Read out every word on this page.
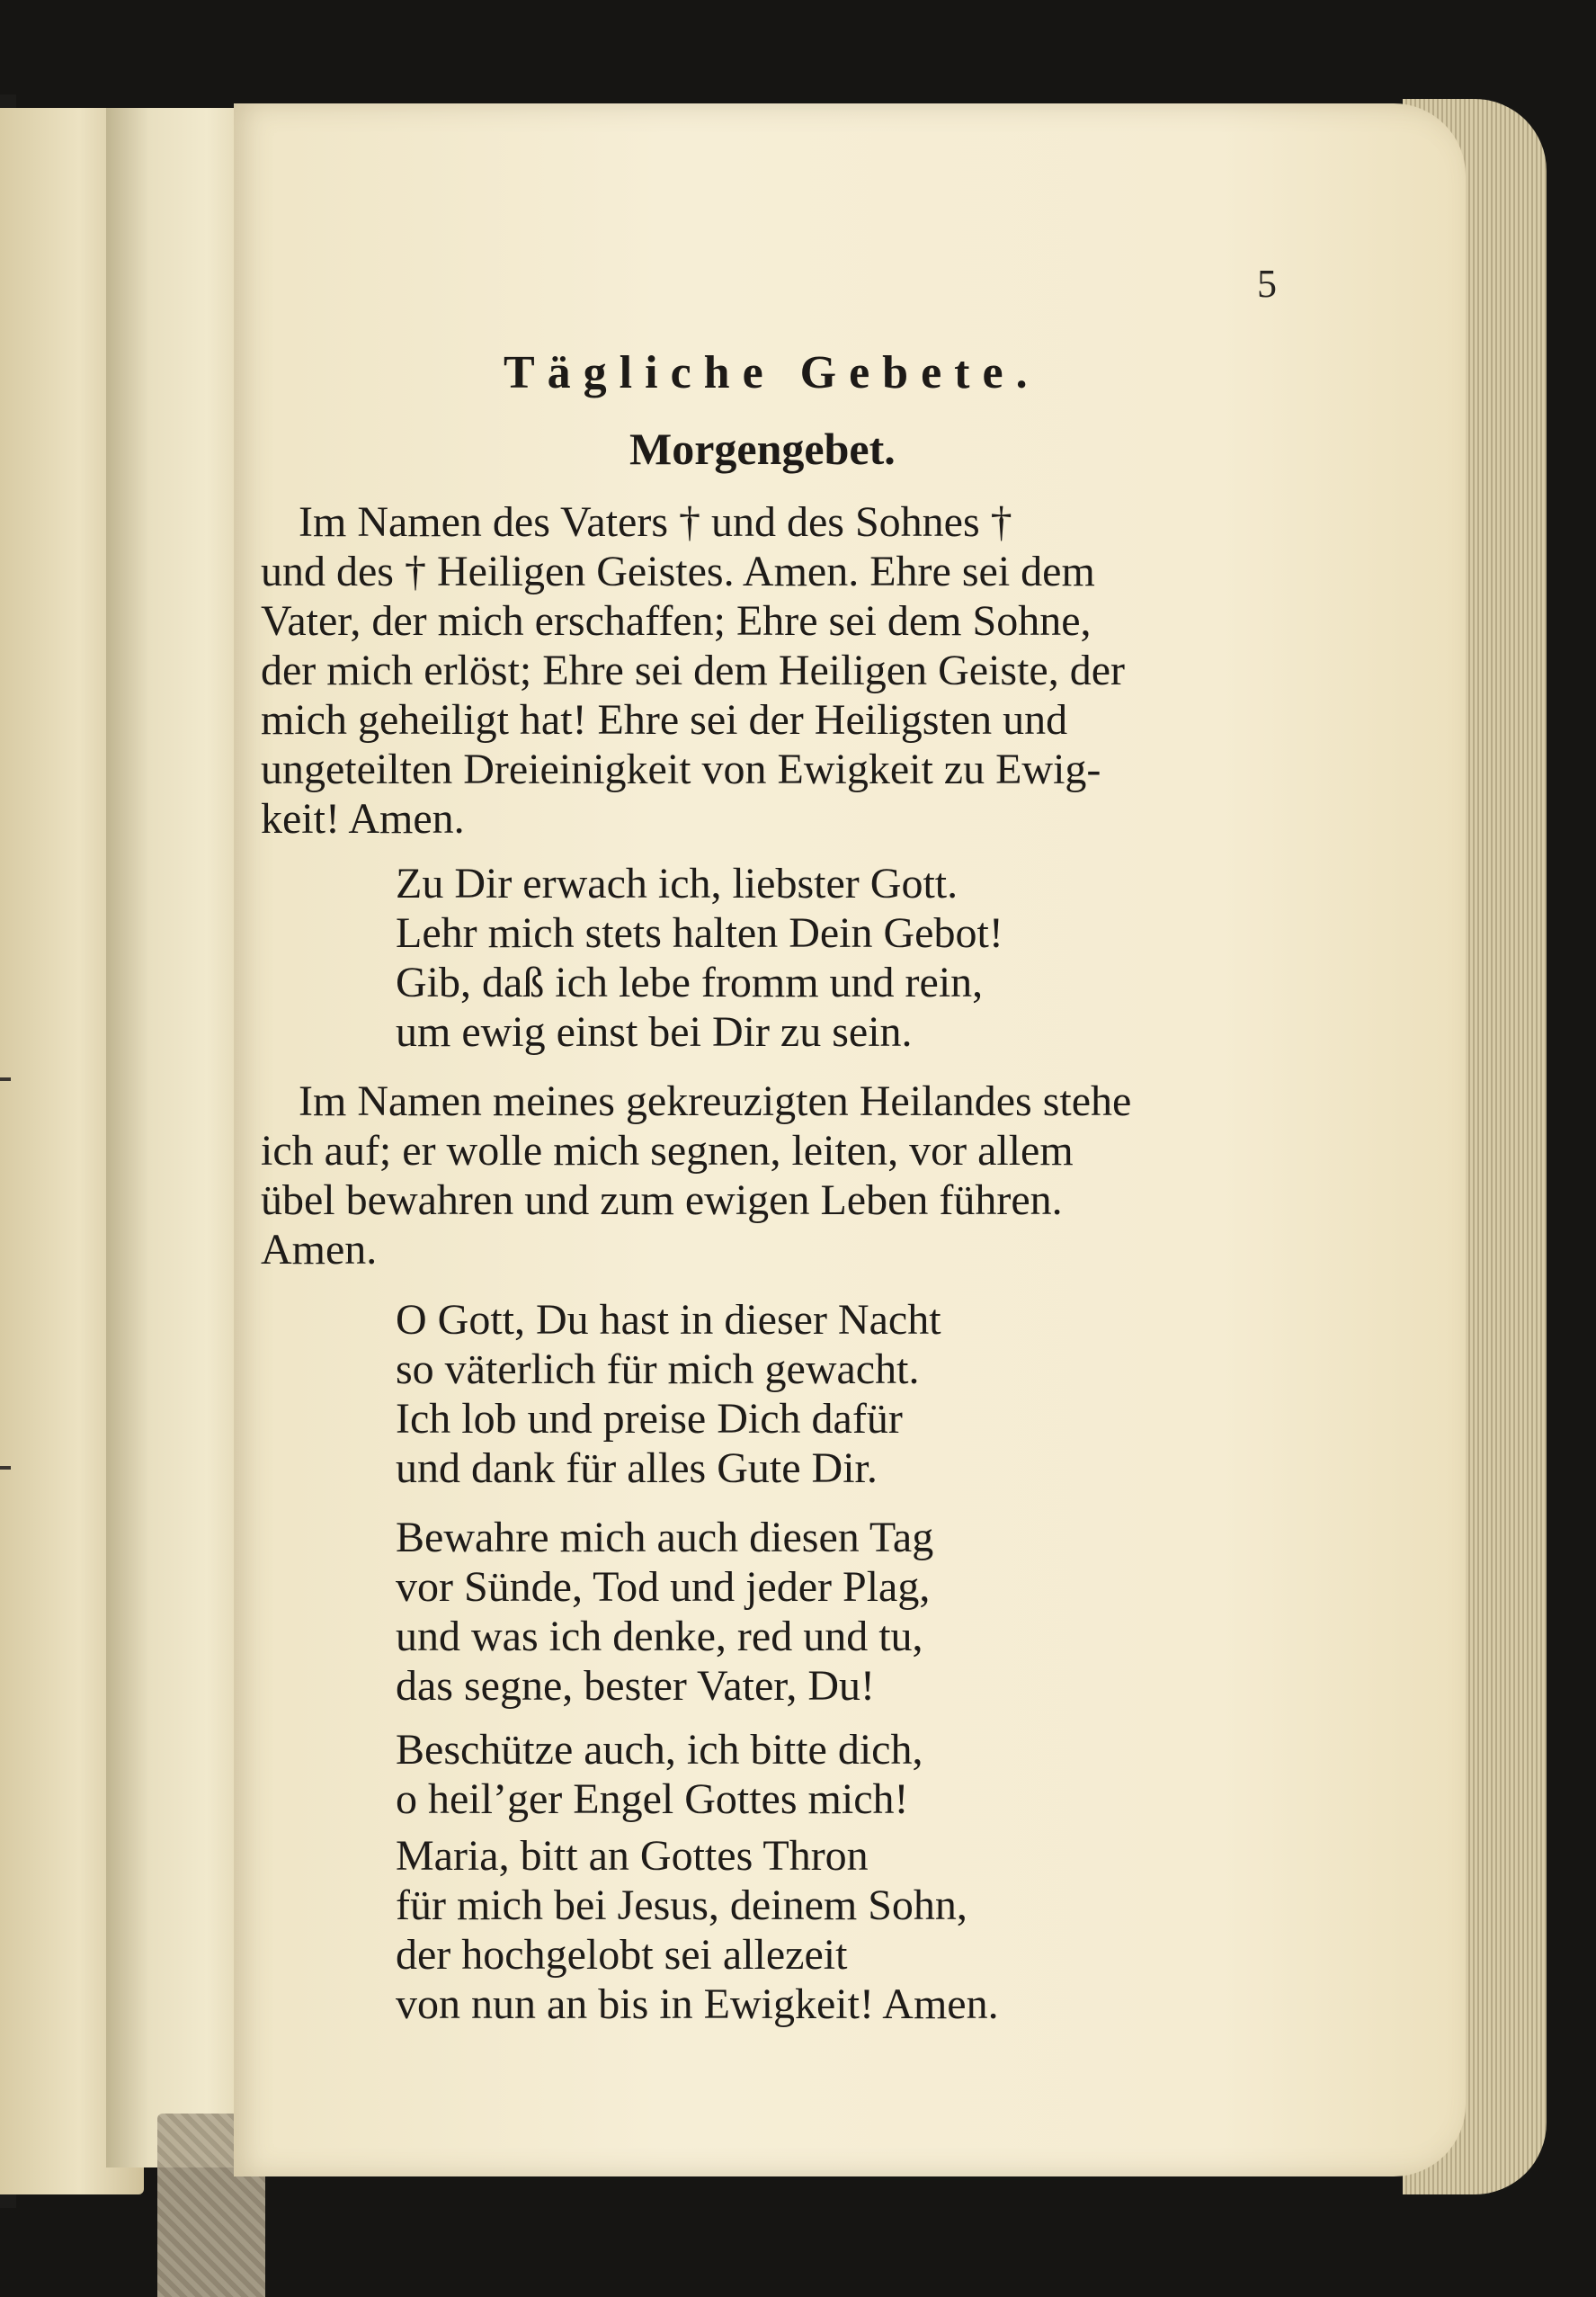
5
Tägliche Gebete.
Morgengebet.
Im Namen des Vaters † und des Sohnes †
und des † Heiligen Geistes. Amen. Ehre sei dem
Vater, der mich erschaffen; Ehre sei dem Sohne,
der mich erlöst; Ehre sei dem Heiligen Geiste, der
mich geheiligt hat! Ehre sei der Heiligsten und
ungeteilten Dreieinigkeit von Ewigkeit zu Ewig-
keit! Amen.
Zu Dir erwach ich, liebster Gott.
Lehr mich stets halten Dein Gebot!
Gib, daß ich lebe fromm und rein,
um ewig einst bei Dir zu sein.
Im Namen meines gekreuzigten Heilandes stehe
ich auf; er wolle mich segnen, leiten, vor allem
übel bewahren und zum ewigen Leben führen.
Amen.
O Gott, Du hast in dieser Nacht
so väterlich für mich gewacht.
Ich lob und preise Dich dafür
und dank für alles Gute Dir.
Bewahre mich auch diesen Tag
vor Sünde, Tod und jeder Plag,
und was ich denke, red und tu,
das segne, bester Vater, Du!
Beschütze auch, ich bitte dich,
o heil’ger Engel Gottes mich!
Maria, bitt an Gottes Thron
für mich bei Jesus, deinem Sohn,
der hochgelobt sei allezeit
von nun an bis in Ewigkeit! Amen.
